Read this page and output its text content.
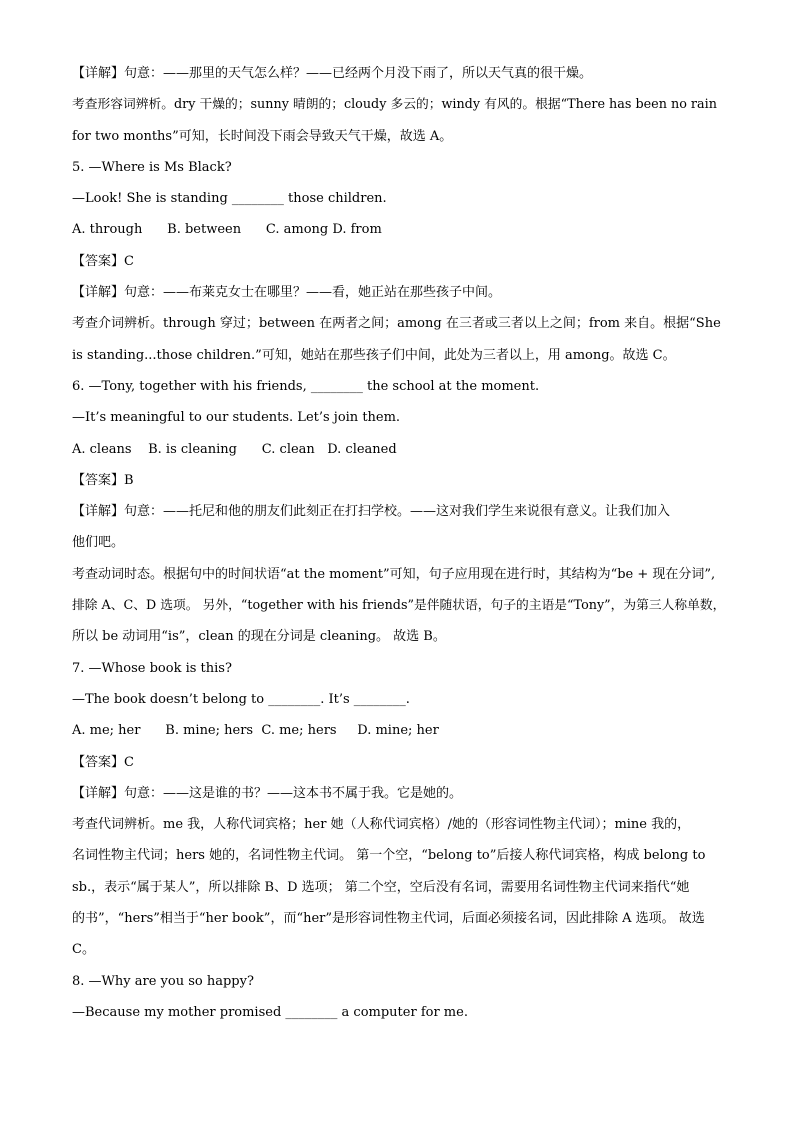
【详解】句意：——那里的天气怎么样？——已经两个月没下雨了，所以天气真的很干燥。

考查形容词辨析。dry 干燥的；sunny 晴朗的；cloudy 多云的；windy 有风的。根据“There has been no rain

for two months”可知，长时间没下雨会导致天气干燥，故选 A。

5. —Where is Ms Black?

—Look! She is standing ________ those children.

A. through      B. between      C. among D. from

【答案】C

【详解】句意：——布莱克女士在哪里？——看，她正站在那些孩子中间。

考查介词辨析。through 穿过；between 在两者之间；among 在三者或三者以上之间；from 来自。根据“She

is standing...those children.”可知，她站在那些孩子们中间，此处为三者以上，用 among。故选 C。

6. —Tony, together with his friends, ________ the school at the moment.

—It’s meaningful to our students. Let’s join them.

A. cleans    B. is cleaning      C. clean   D. cleaned

【答案】B

【详解】句意：——托尼和他的朋友们此刻正在打扫学校。——这对我们学生来说很有意义。让我们加入

他们吧。

考查动词时态。根据句中的时间状语“at the moment”可知，句子应用现在进行时，其结构为“be + 现在分词”,

排除 A、C、D 选项。 另外，“together with his friends”是伴随状语，句子的主语是“Tony”，为第三人称单数，

所以 be 动词用“is”，clean 的现在分词是 cleaning。 故选 B。

7. —Whose book is this?

—The book doesn’t belong to ________. It’s ________.

A. me; her      B. mine; hers  C. me; hers     D. mine; her

【答案】C

【详解】句意：——这是谁的书？——这本书不属于我。它是她的。

考查代词辨析。me 我，人称代词宾格；her 她（人称代词宾格）/她的（形容词性物主代词）；mine 我的，

名词性物主代词；hers 她的，名词性物主代词。 第一个空，“belong to”后接人称代词宾格，构成 belong to

sb.，表示“属于某人”，所以排除 B、D 选项； 第二个空，空后没有名词，需要用名词性物主代词来指代“她

的书”，“hers”相当于“her book”，而“her”是形容词性物主代词，后面必须接名词，因此排除 A 选项。 故选

C。

8. —Why are you so happy?

—Because my mother promised ________ a computer for me.
